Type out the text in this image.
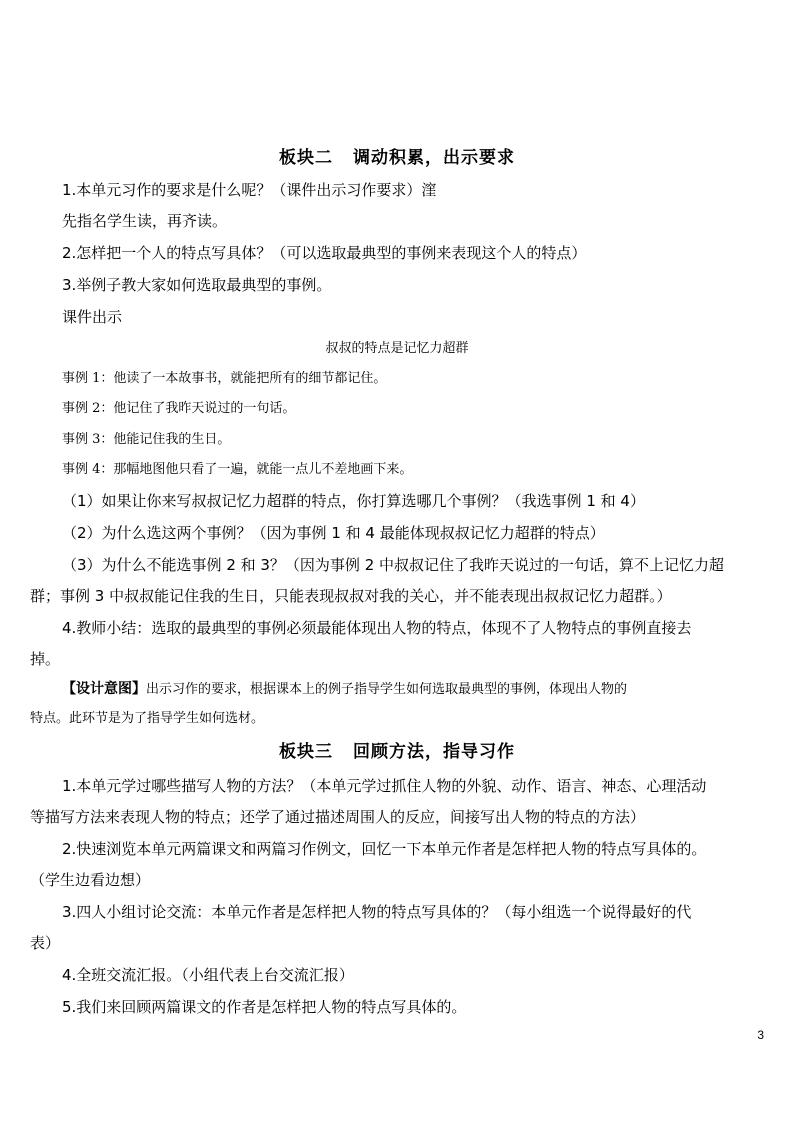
板块二 调动积累，出示要求
1.本单元习作的要求是什么呢？（课件出示习作要求）漥
先指名学生读，再齐读。
2.怎样把一个人的特点写具体？（可以选取最典型的事例来表现这个人的特点）
3.举例子教大家如何选取最典型的事例。
课件出示
叔叔的特点是记忆力超群
事例 1：他读了一本故事书，就能把所有的细节都记住。
事例 2：他记住了我昨天说过的一句话。
事例 3：他能记住我的生日。
事例 4：那幅地图他只看了一遍，就能一点儿不差地画下来。
（1）如果让你来写叔叔记忆力超群的特点，你打算选哪几个事例？（我选事例 1 和 4）
（2）为什么选这两个事例？（因为事例 1 和 4 最能体现叔叔记忆力超群的特点）
（3）为什么不能选事例 2 和 3？（因为事例 2 中叔叔记住了我昨天说过的一句话，算不上记忆力超
群；事例 3 中叔叔能记住我的生日，只能表现叔叔对我的关心，并不能表现出叔叔记忆力超群。）
4.教师小结：选取的最典型的事例必须最能体现出人物的特点，体现不了人物特点的事例直接去
掉。
【设计意图】出示习作的要求，根据课本上的例子指导学生如何选取最典型的事例，体现出人物的
特点。此环节是为了指导学生如何选材。
板块三 回顾方法，指导习作
1.本单元学过哪些描写人物的方法？（本单元学过抓住人物的外貌、动作、语言、神态、心理活动
等描写方法来表现人物的特点；还学了通过描述周围人的反应，间接写出人物的特点的方法）
2.快速浏览本单元两篇课文和两篇习作例文，回忆一下本单元作者是怎样把人物的特点写具体的。
（学生边看边想）
3.四人小组讨论交流：本单元作者是怎样把人物的特点写具体的？（每小组选一个说得最好的代
表）
4.全班交流汇报。（小组代表上台交流汇报）
5.我们来回顾两篇课文的作者是怎样把人物的特点写具体的。
3
